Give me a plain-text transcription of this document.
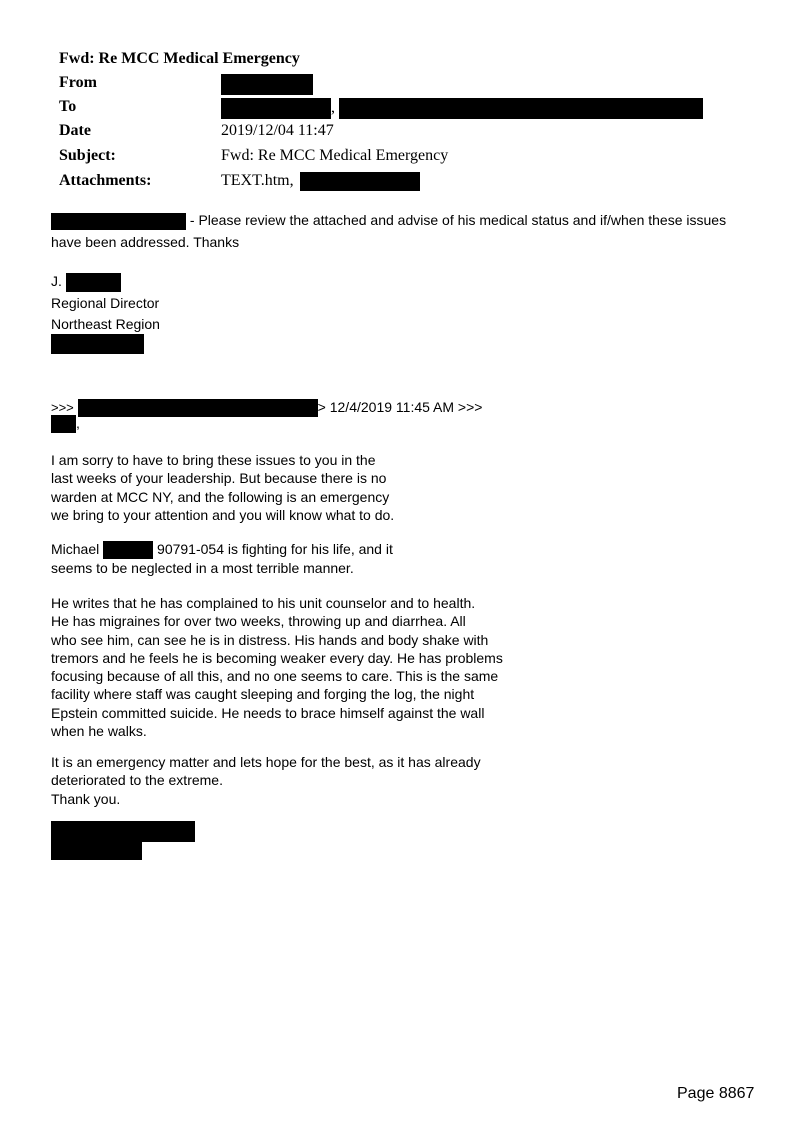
Fwd: Re MCC Medical Emergency
From
To	,
Date	2019/12/04 11:47
Subject:	Fwd: Re MCC Medical Emergency
Attachments:	TEXT.htm,
- Please review the attached and advise of his medical status and if/when these issues
have been addressed. Thanks
J.
Regional Director
Northeast Region
>>>	> 12/4/2019 11:45 AM >>>
,
I am sorry to have to bring these issues to you in the
last weeks of your leadership. But because there is no
warden at MCC NY, and the following is an emergency
we bring to your attention and you will know what to do.
Michael	90791-054 is fighting for his life, and it
seems to be neglected in a most terrible manner.
He writes that he has complained to his unit counselor and to health.
He has migraines for over two weeks, throwing up and diarrhea. All
who see him, can see he is in distress. His hands and body shake with
tremors and he feels he is becoming weaker every day. He has problems
focusing because of all this, and no one seems to care. This is the same
facility where staff was caught sleeping and forging the log, the night
Epstein committed suicide. He needs to brace himself against the wall
when he walks.
It is an emergency matter and lets hope for the best, as it has already
deteriorated to the extreme.
Thank you.
Page 8867
